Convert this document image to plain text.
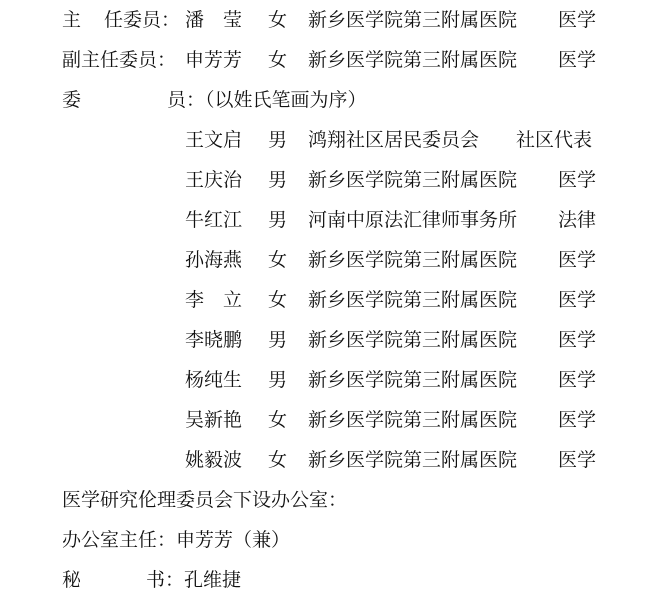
主 任委员： 潘　莹 女 新乡医学院第三附属医院 医学
副主任委员： 申芳芳 女 新乡医学院第三附属医院 医学
委	员：（以姓氏笔画为序）
王文启 男 鸿翔社区居民委员会 社区代表
王庆治 男 新乡医学院第三附属医院 医学
牛红江 男 河南中原法汇律师事务所 法律
孙海燕 女 新乡医学院第三附属医院 医学
李　立 女 新乡医学院第三附属医院 医学
李晓鹏 男 新乡医学院第三附属医院 医学
杨纯生 男 新乡医学院第三附属医院 医学
吴新艳 女 新乡医学院第三附属医院 医学
姚毅波 女 新乡医学院第三附属医院 医学
医学研究伦理委员会下设办公室：
办公室主任：申芳芳（兼）
秘	书：孔维捷
